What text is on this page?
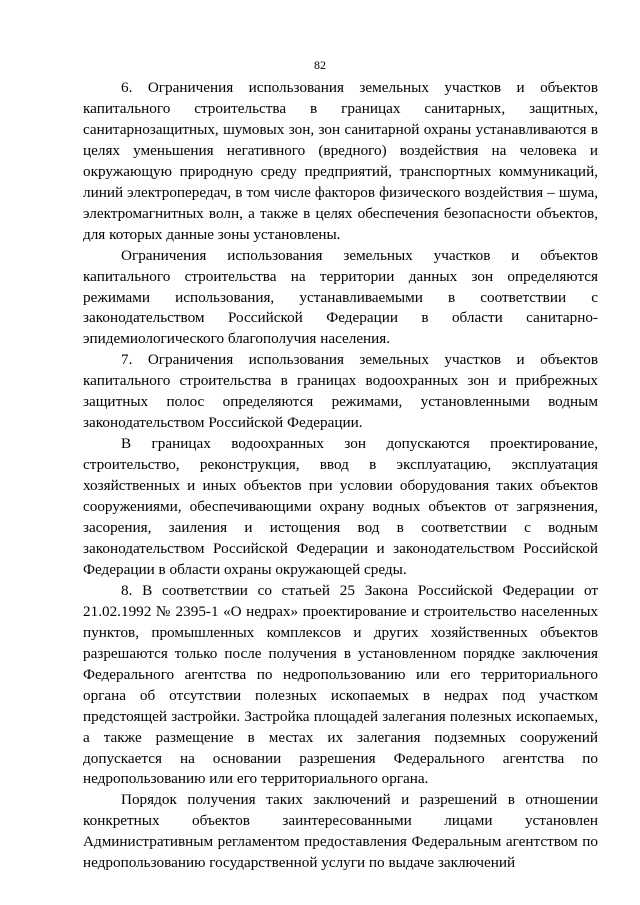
82

6. Ограничения использования земельных участков и объектов капитального строительства в границах санитарных, защитных, санитарнозащитных, шумовых зон, зон санитарной охраны устанавливаются в целях уменьшения негативного (вредного) воздействия на человека и окружающую природную среду предприятий, транспортных коммуникаций, линий электропередач, в том числе факторов физического воздействия – шума, электромагнитных волн, а также в целях обеспечения безопасности объектов, для которых данные зоны установлены.

Ограничения использования земельных участков и объектов капитального строительства на территории данных зон определяются режимами использования, устанавливаемыми в соответствии с законодательством Российской Федерации в области санитарно-эпидемиологического благополучия населения.

7. Ограничения использования земельных участков и объектов капитального строительства в границах водоохранных зон и прибрежных защитных полос определяются режимами, установленными водным законодательством Российской Федерации.

В границах водоохранных зон допускаются проектирование, строительство, реконструкция, ввод в эксплуатацию, эксплуатация хозяйственных и иных объектов при условии оборудования таких объектов сооружениями, обеспечивающими охрану водных объектов от загрязнения, засорения, заиления и истощения вод в соответствии с водным законодательством Российской Федерации и законодательством Российской Федерации в области охраны окружающей среды.

8. В соответствии со статьей 25 Закона Российской Федерации от 21.02.1992 № 2395-1 «О недрах» проектирование и строительство населенных пунктов, промышленных комплексов и других хозяйственных объектов разрешаются только после получения в установленном порядке заключения Федерального агентства по недропользованию или его территориального органа об отсутствии полезных ископаемых в недрах под участком предстоящей застройки. Застройка площадей залегания полезных ископаемых, а также размещение в местах их залегания подземных сооружений допускается на основании разрешения Федерального агентства по недропользованию или его территориального органа.

Порядок получения таких заключений и разрешений в отношении конкретных объектов заинтересованными лицами установлен Административным регламентом предоставления Федеральным агентством по недропользованию государственной услуги по выдаче заключений
